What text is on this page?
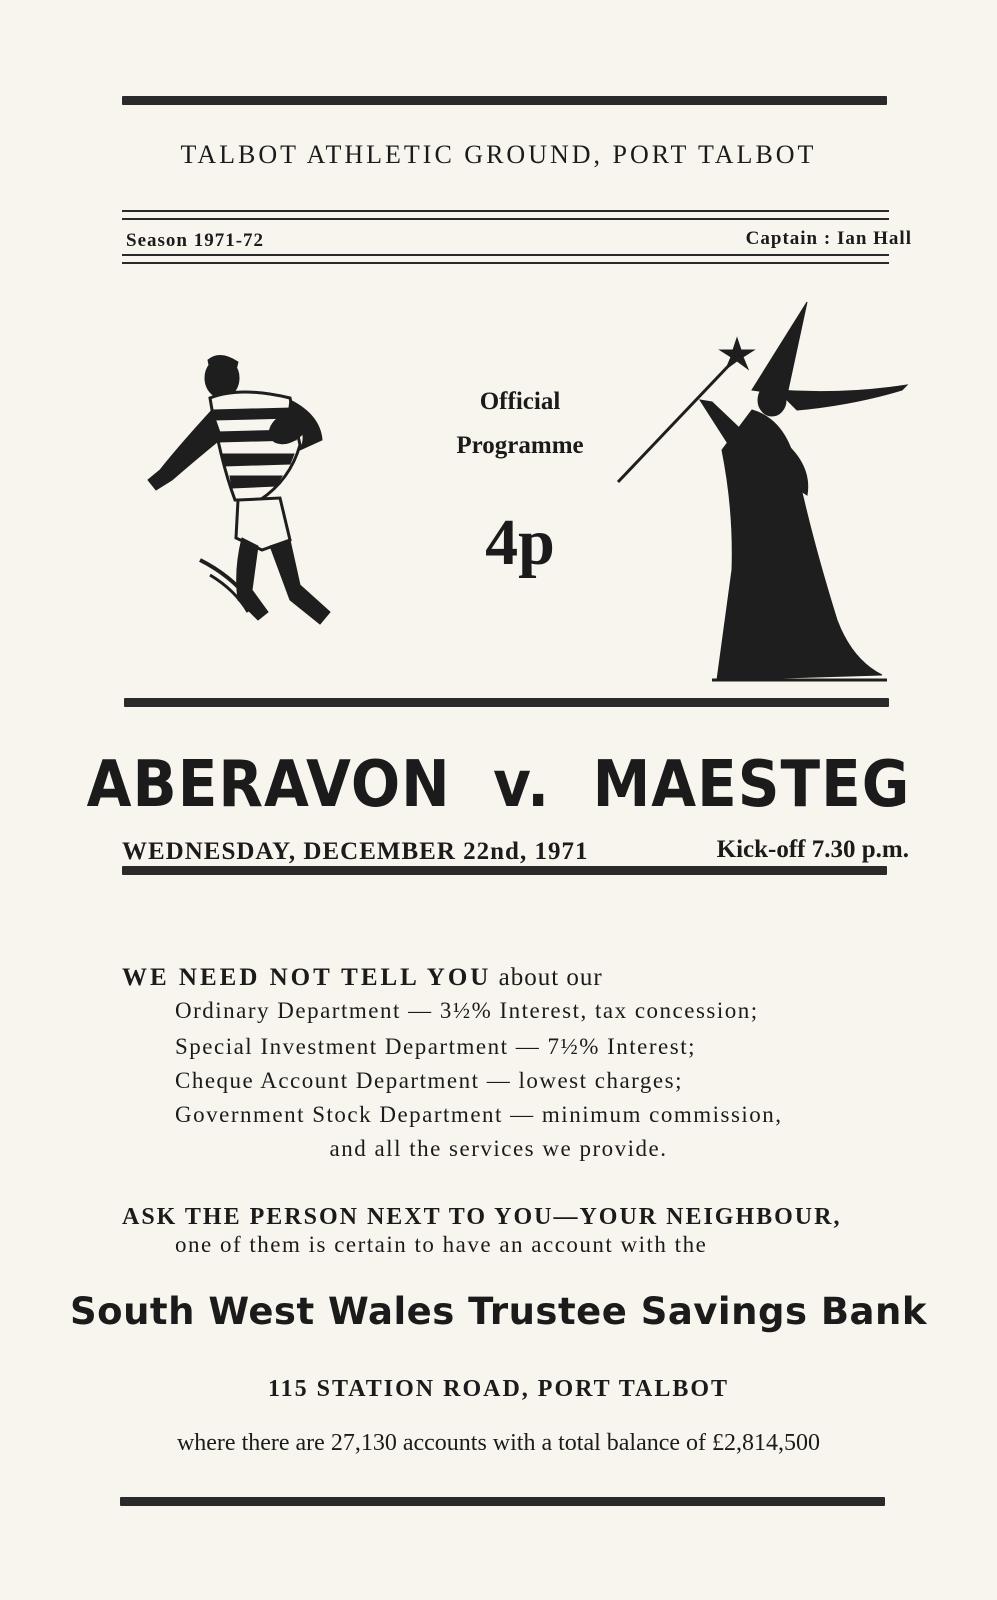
TALBOT ATHLETIC GROUND, PORT TALBOT
Season 1971-72	Captain : Ian Hall
Official
Programme
4p
ABERAVON  v.  MAESTEG
WEDNESDAY, DECEMBER 22nd, 1971	Kick-off 7.30 p.m.
WE NEED NOT TELL YOU about our
Ordinary Department — 3½% Interest, tax concession;
Special Investment Department — 7½% Interest;
Cheque Account Department — lowest charges;
Government Stock Department — minimum commission,
and all the services we provide.
ASK THE PERSON NEXT TO YOU—YOUR NEIGHBOUR,
one of them is certain to have an account with the
South West Wales Trustee Savings Bank
115 STATION ROAD, PORT TALBOT
where there are 27,130 accounts with a total balance of £2,814,500
